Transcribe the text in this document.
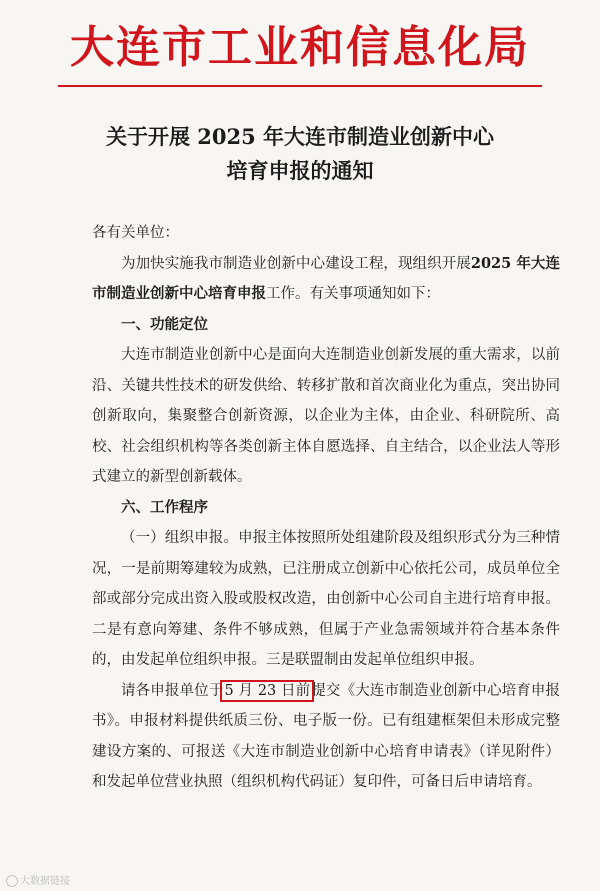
大连市工业和信息化局
关于开展 2025 年大连市制造业创新中心
培育申报的通知

各有关单位：

为加快实施我市制造业创新中心建设工程，现组织开展2025 年大连市制造业创新中心培育申报工作。有关事项通知如下：

一、功能定位

大连市制造业创新中心是面向大连制造业创新发展的重大需求，以前沿、关键共性技术的研发供给、转移扩散和首次商业化为重点，突出协同创新取向，集聚整合创新资源，以企业为主体，由企业、科研院所、高校、社会组织机构等各类创新主体自愿选择、自主结合，以企业法人等形式建立的新型创新载体。

六、工作程序

（一）组织申报。申报主体按照所处组建阶段及组织形式分为三种情况，一是前期筹建较为成熟，已注册成立创新中心依托公司，成员单位全部或部分完成出资入股或股权改造，由创新中心公司自主进行培育申报。二是有意向筹建、条件不够成熟，但属于产业急需领域并符合基本条件的，由发起单位组织申报。三是联盟制由发起单位组织申报。

请各申报单位于5 月 23 日前提交《大连市制造业创新中心培育申报书》。申报材料提供纸质三份、电子版一份。已有组建框架但未形成完整建设方案的、可报送《大连市制造业创新中心培育申请表》（详见附件）和发起单位营业执照（组织机构代码证）复印件，可备日后申请培育。

大数据链接
